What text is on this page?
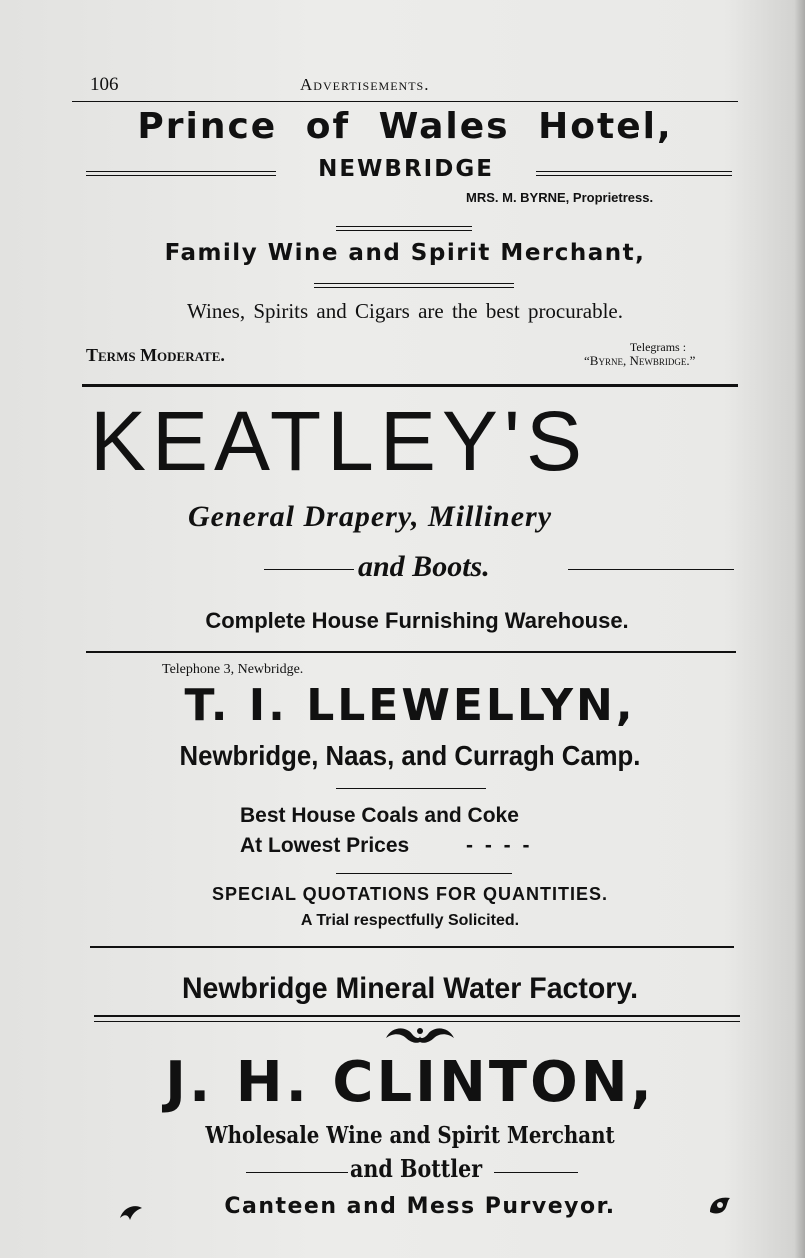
106	Advertisements.
Prince of Wales Hotel,
NEWBRIDGE
MRS. M. BYRNE, Proprietress.
Family Wine and Spirit Merchant,
Wines, Spirits and Cigars are the best procurable.
Terms Moderate.	Telegrams :
“Byrne, Newbridge.”
KEATLEY'S
General Drapery, Millinery
and Boots.
Complete House Furnishing Warehouse.
Telephone 3, Newbridge.
T. I. LLEWELLYN,
Newbridge, Naas, and Curragh Camp.
Best House Coals and Coke
At Lowest Prices	- - - -
SPECIAL QUOTATIONS FOR QUANTITIES.
A Trial respectfully Solicited.
Newbridge Mineral Water Factory.
J. H. CLINTON,
Wholesale Wine and Spirit Merchant
and Bottler
Canteen and Mess Purveyor.
